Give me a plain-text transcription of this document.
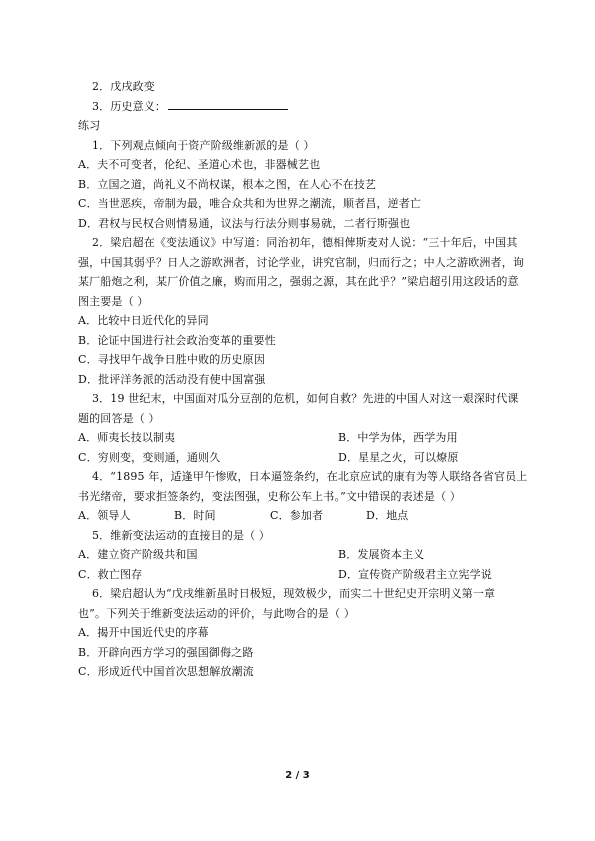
2．戊戌政变
3．历史意义：
练习
1．下列观点倾向于资产阶级维新派的是（ ）
A．夫不可变者，伦纪、圣道心术也，非器械艺也
B．立国之道，尚礼义不尚权谋，根本之图，在人心不在技艺
C．当世恶疾，帝制为最，唯合众共和为世界之潮流，顺者昌，逆者亡
D．君权与民权合则情易通，议法与行法分则事易就，二者行斯强也
2．梁启超在《变法通议》中写道：同治初年，德相俾斯麦对人说：“三十年后，中国其
强，中国其弱乎？日人之游欧洲者，讨论学业，讲究官制，归而行之；中人之游欧洲者，询
某厂船炮之利，某厂价值之廉，购而用之，强弱之源，其在此乎？”梁启超引用这段话的意
图主要是（ ）
A．比较中日近代化的异同
B．论证中国进行社会政治变革的重要性
C．寻找甲午战争日胜中败的历史原因
D．批评洋务派的活动没有使中国富强
3．19 世纪末，中国面对瓜分豆剖的危机，如何自救？先进的中国人对这一艰深时代课
题的回答是（ ）
A．师夷长技以制夷	B．中学为体，西学为用
C．穷则变，变则通，通则久	D．星星之火，可以燎原
4．“1895 年，适逢甲午惨败，日本逼签条约，在北京应试的康有为等人联络各省官员上
书光绪帝，要求拒签条约，变法图强，史称公车上书。”文中错误的表述是（ ）
A．领导人	B．时间	C．参加者	D．地点
5．维新变法运动的直接目的是（ ）
A．建立资产阶级共和国	B．发展资本主义
C．救亡图存	D．宣传资产阶级君主立宪学说
6．梁启超认为“戊戌维新虽时日极短，现效极少，而实二十世纪史开宗明义第一章
也”。下列关于维新变法运动的评价，与此吻合的是（ ）
A．揭开中国近代史的序幕
B．开辟向西方学习的强国御侮之路
C．形成近代中国首次思想解放潮流
2 / 3
